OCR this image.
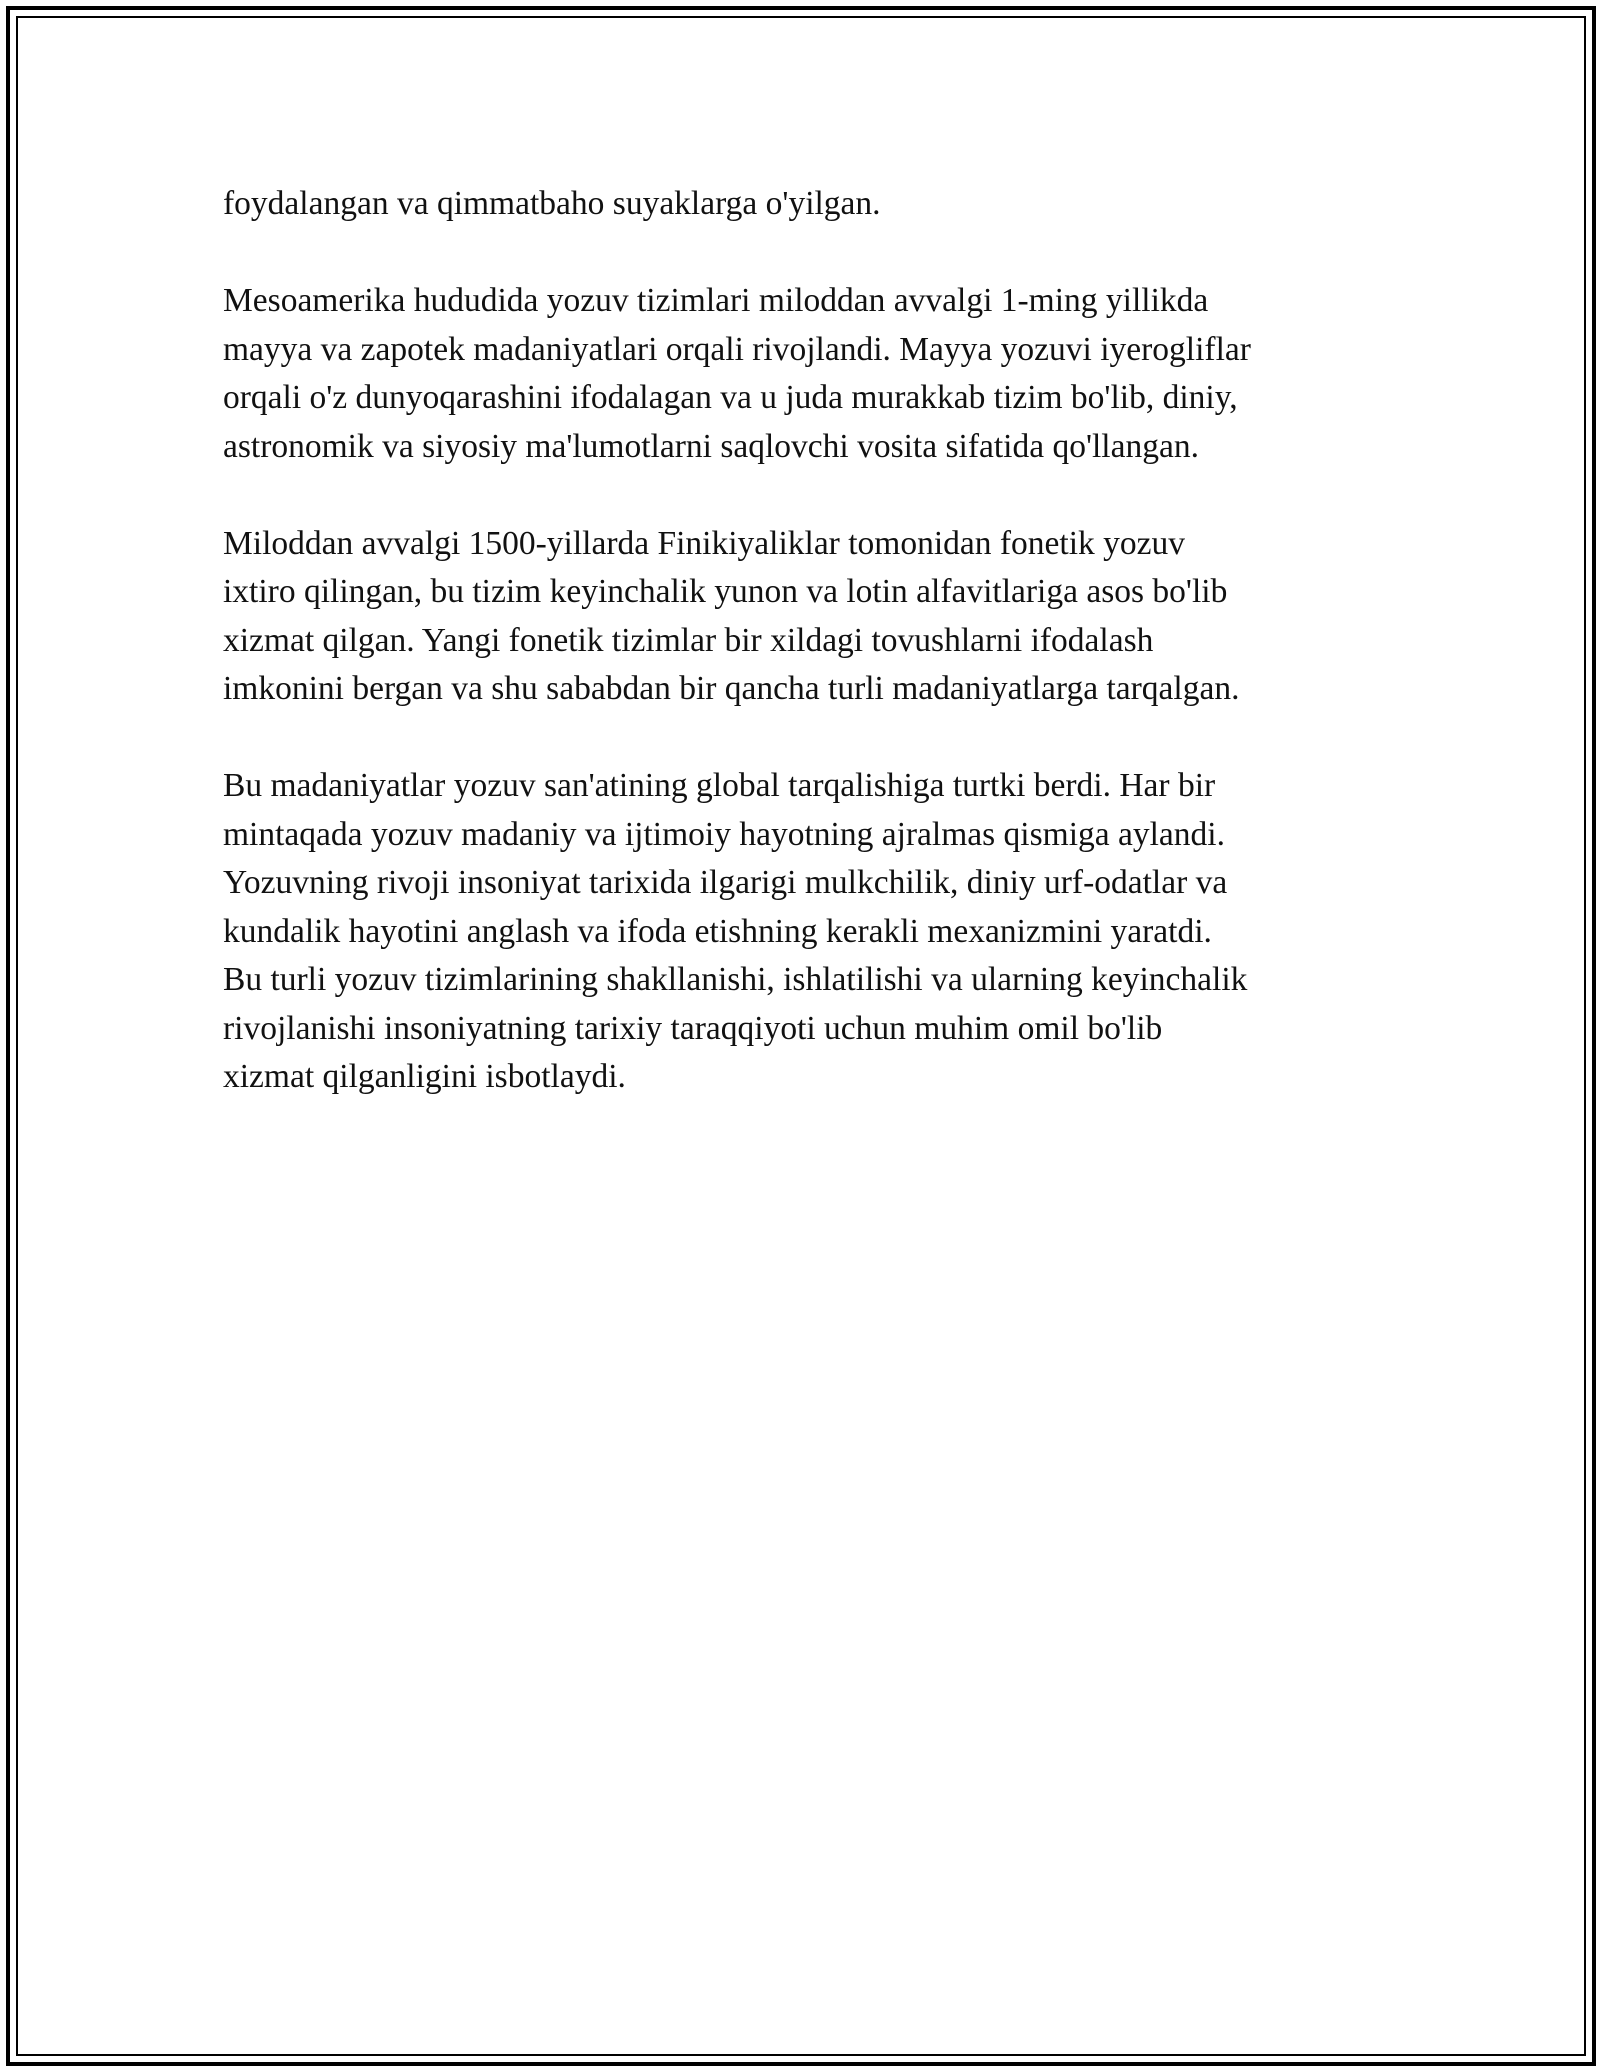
foydalangan va qimmatbaho suyaklarga o'yilgan.

Mesoamerika hududida yozuv tizimlari miloddan avvalgi 1-ming yillikda
mayya va zapotek madaniyatlari orqali rivojlandi. Mayya yozuvi iyerogliflar
orqali o'z dunyoqarashini ifodalagan va u juda murakkab tizim bo'lib, diniy,
astronomik va siyosiy ma'lumotlarni saqlovchi vosita sifatida qo'llangan.

Miloddan avvalgi 1500-yillarda Finikiyaliklar tomonidan fonetik yozuv
ixtiro qilingan, bu tizim keyinchalik yunon va lotin alfavitlariga asos bo'lib
xizmat qilgan. Yangi fonetik tizimlar bir xildagi tovushlarni ifodalash
imkonini bergan va shu sababdan bir qancha turli madaniyatlarga tarqalgan.

Bu madaniyatlar yozuv san'atining global tarqalishiga turtki berdi. Har bir
mintaqada yozuv madaniy va ijtimoiy hayotning ajralmas qismiga aylandi.
Yozuvning rivoji insoniyat tarixida ilgarigi mulkchilik, diniy urf-odatlar va
kundalik hayotini anglash va ifoda etishning kerakli mexanizmini yaratdi.
Bu turli yozuv tizimlarining shakllanishi, ishlatilishi va ularning keyinchalik
rivojlanishi insoniyatning tarixiy taraqqiyoti uchun muhim omil bo'lib
xizmat qilganligini isbotlaydi.
